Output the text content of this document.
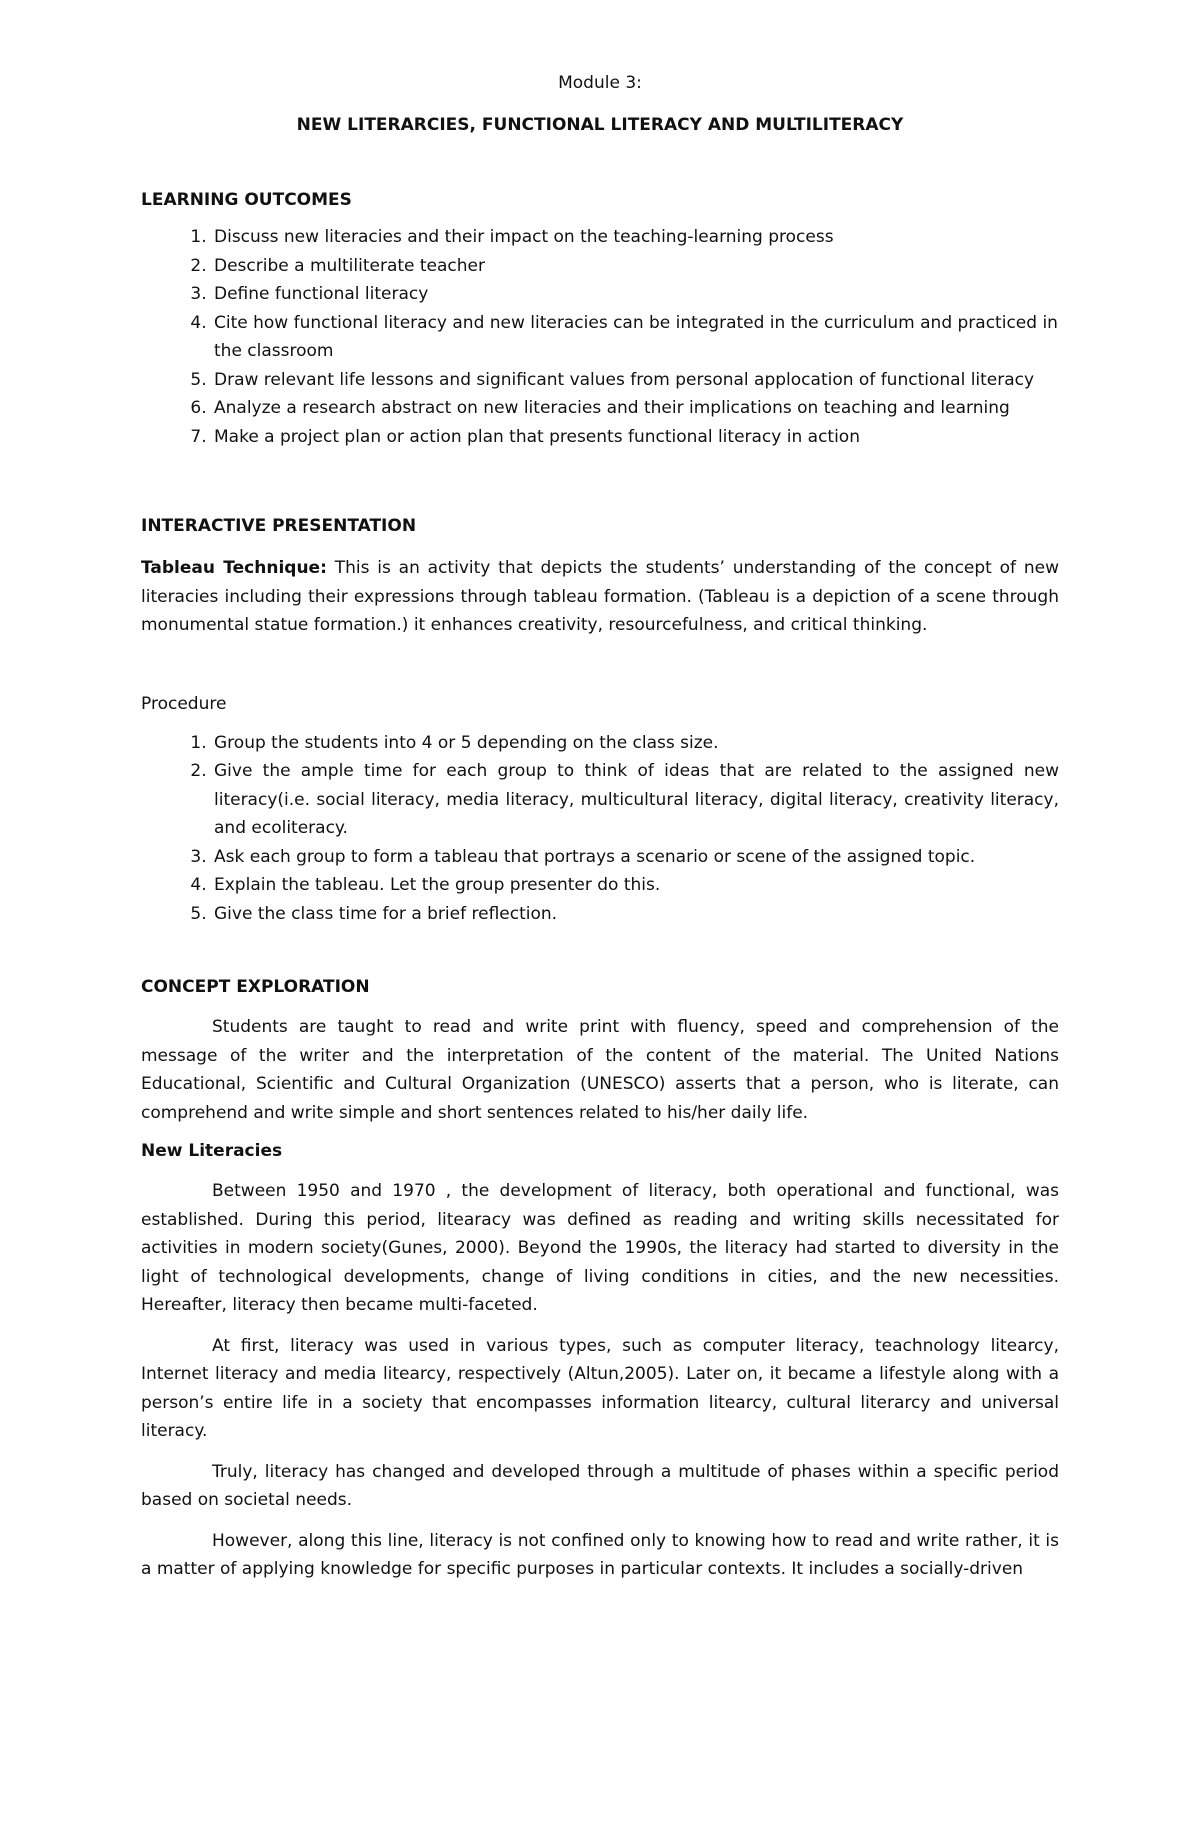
Module 3:
NEW LITERARCIES, FUNCTIONAL LITERACY AND MULTILITERACY
LEARNING OUTCOMES
1. Discuss new literacies and their impact on the teaching-learning process
2. Describe a multiliterate teacher
3. Define functional literacy
4. Cite how functional literacy and new literacies can be integrated in the curriculum and practiced in the classroom
5. Draw relevant life lessons and significant values from personal applocation of functional literacy
6. Analyze a research abstract on new literacies and their implications on teaching and learning
7. Make a project plan or action plan that presents functional literacy in action
INTERACTIVE PRESENTATION

Tableau Technique: This is an activity that depicts the students’ understanding of the concept of new literacies including their expressions through tableau formation. (Tableau is a depiction of a scene through monumental statue formation.) it enhances creativity, resourcefulness, and critical thinking.

Procedure

1. Group the students into 4 or 5 depending on the class size.
2. Give the ample time for each group to think of ideas that are related to the assigned new literacy(i.e. social literacy, media literacy, multicultural literacy, digital literacy, creativity literacy, and ecoliteracy.
3. Ask each group to form a tableau that portrays a scenario or scene of the assigned topic.
4. Explain the tableau. Let the group presenter do this.
5. Give the class time for a brief reflection.
CONCEPT EXPLORATION

Students are taught to read and write print with fluency, speed and comprehension of the message of the writer and the interpretation of the content of the material. The United Nations Educational, Scientific and Cultural Organization (UNESCO) asserts that a person, who is literate, can comprehend and write simple and short sentences related to his/her daily life.

New Literacies

Between 1950 and 1970 , the development of literacy, both operational and functional, was established. During this period, litearacy was defined as reading and writing skills necessitated for activities in modern society(Gunes, 2000). Beyond the 1990s, the literacy had started to diversity in the light of technological developments, change of living conditions in cities, and the new necessities. Hereafter, literacy then became multi-faceted.

At first, literacy was used in various types, such as computer literacy, teachnology litearcy, Internet literacy and media litearcy, respectively (Altun,2005). Later on, it became a lifestyle along with a person’s entire life in a society that encompasses information litearcy, cultural literarcy and universal literacy.

Truly, literacy has changed and developed through a multitude of phases within a specific period based on societal needs.

However, along this line, literacy is not confined only to knowing how to read and write rather, it is a matter of applying knowledge for specific purposes in particular contexts. It includes a socially-driven
